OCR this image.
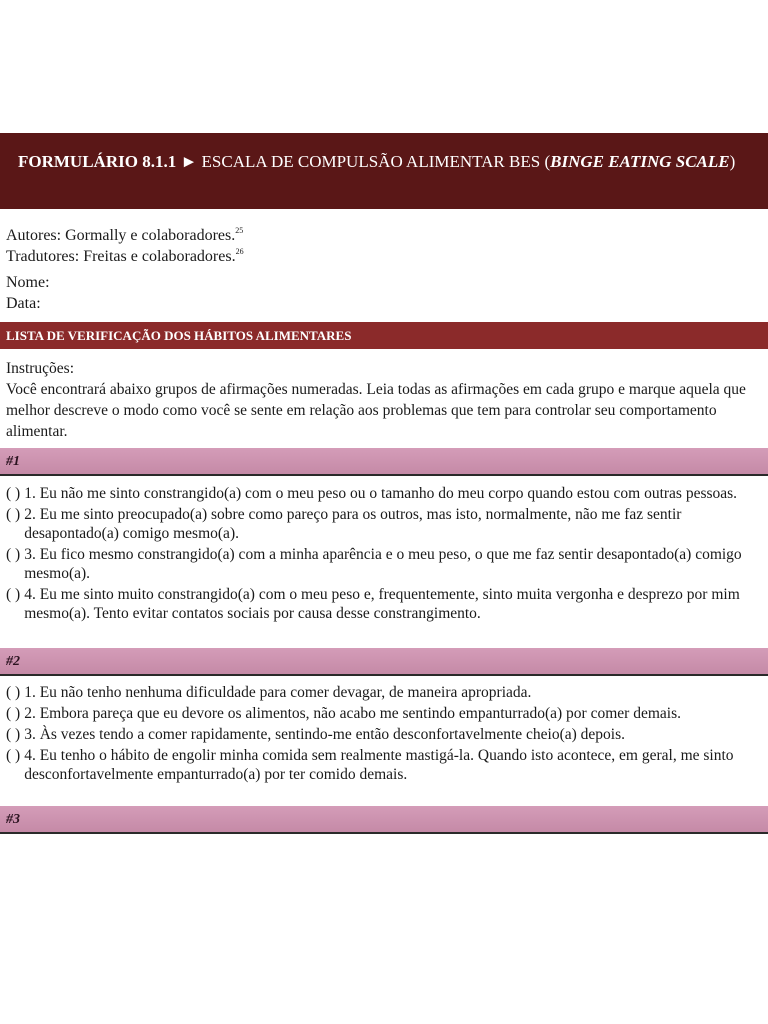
FORMULÁRIO 8.1.1 ► ESCALA DE COMPULSÃO ALIMENTAR BES (BINGE EATING SCALE)
Autores: Gormally e colaboradores.$^{25}$
Tradutores: Freitas e colaboradores.$^{26}$
Nome:
Data:
LISTA DE VERIFICAÇÃO DOS HÁBITOS ALIMENTARES
Instruções:
Você encontrará abaixo grupos de afirmações numeradas. Leia todas as afirmações em cada grupo e marque aquela que melhor descreve o modo como você se sente em relação aos problemas que tem para controlar seu comportamento alimentar.
#1
( ) 1. Eu não me sinto constrangido(a) com o meu peso ou o tamanho do meu corpo quando estou com outras pessoas.
( ) 2. Eu me sinto preocupado(a) sobre como pareço para os outros, mas isto, normalmente, não me faz sentir desapontado(a) comigo mesmo(a).
( ) 3. Eu fico mesmo constrangido(a) com a minha aparência e o meu peso, o que me faz sentir desapontado(a) comigo mesmo(a).
( ) 4. Eu me sinto muito constrangido(a) com o meu peso e, frequentemente, sinto muita vergonha e desprezo por mim mesmo(a). Tento evitar contatos sociais por causa desse constrangimento.
#2
( ) 1. Eu não tenho nenhuma dificuldade para comer devagar, de maneira apropriada.
( ) 2. Embora pareça que eu devore os alimentos, não acabo me sentindo empanturrado(a) por comer demais.
( ) 3. Às vezes tendo a comer rapidamente, sentindo-me então desconfortavelmente cheio(a) depois.
( ) 4. Eu tenho o hábito de engolir minha comida sem realmente mastigá-la. Quando isto acontece, em geral, me sinto desconfortavelmente empanturrado(a) por ter comido demais.
#3
